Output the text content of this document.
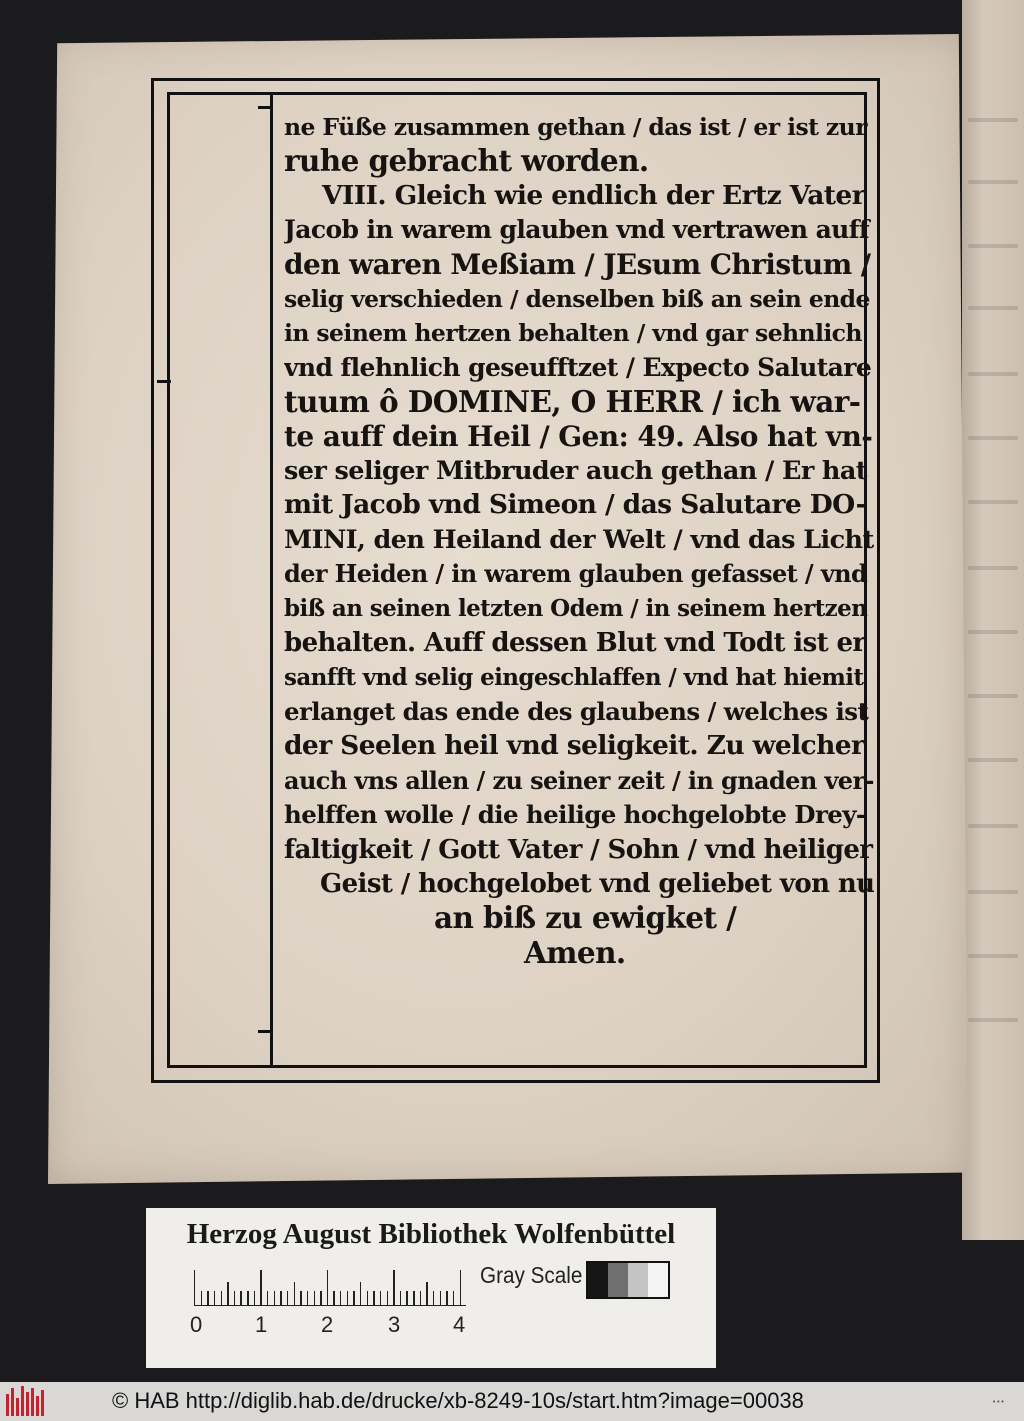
ne Füße zusammen gethan / das ist / er ist zur
ruhe gebracht worden.
VIII. Gleich wie endlich der Ertz Vater
Jacob in warem glauben vnd vertrawen auff
den waren Meßiam / JEsum Christum /
selig verschieden / denselben biß an sein ende
in seinem hertzen behalten / vnd gar sehnlich
vnd flehnlich geseufftzet / Expecto Salutare
tuum ô DOMINE, O HERR / ich war-
te auff dein Heil / Gen: 49. Also hat vn-
ser seliger Mitbruder auch gethan / Er hat
mit Jacob vnd Simeon / das Salutare DO-
MINI, den Heiland der Welt / vnd das Licht
der Heiden / in warem glauben gefasset / vnd
biß an seinen letzten Odem / in seinem hertzen
behalten. Auff dessen Blut vnd Todt ist er
sanfft vnd selig eingeschlaffen / vnd hat hiemit
erlanget das ende des glaubens / welches ist
der Seelen heil vnd seligkeit. Zu welcher
auch vns allen / zu seiner zeit / in gnaden ver-
helffen wolle / die heilige hochgelobte Drey-
faltigkeit / Gott Vater / Sohn / vnd heiliger
Geist / hochgelobet vnd geliebet von nu
an biß zu ewigket /
Amen.
Herzog August Bibliothek Wolfenbüttel
0 1 2 3 4
Gray Scale
© HAB http://diglib.hab.de/drucke/xb-8249-10s/start.htm?image=00038	•••
